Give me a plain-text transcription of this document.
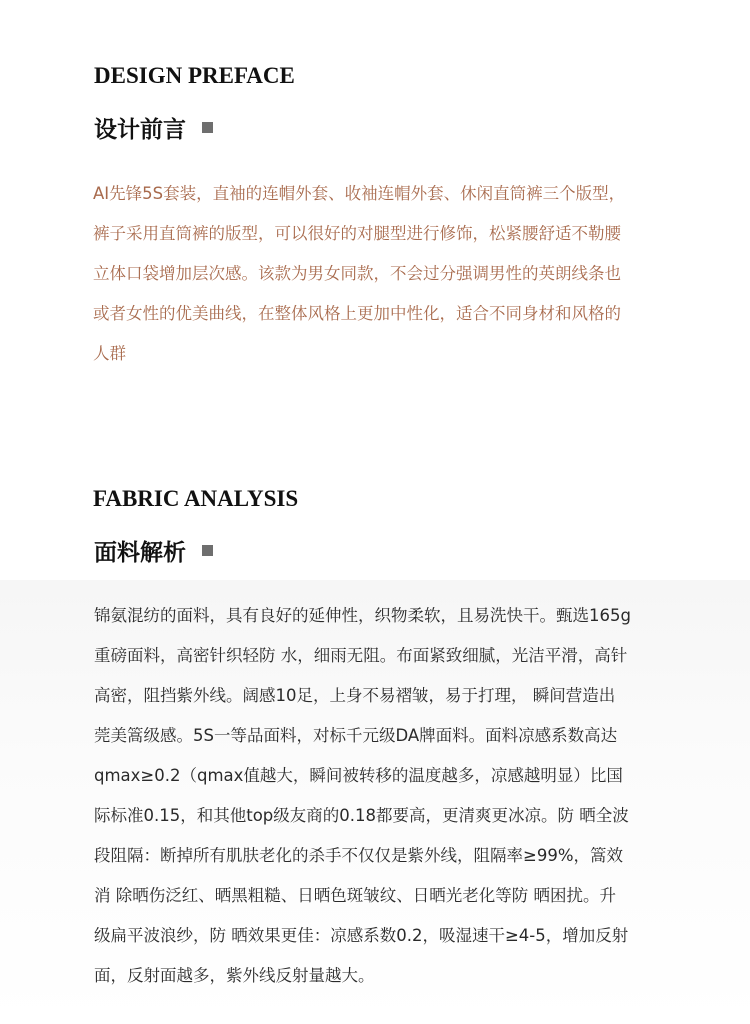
DESIGN PREFACE
设计前言
AI先锋5S套装，直袖的连帽外套、收袖连帽外套、休闲直筒裤三个版型，
裤子采用直筒裤的版型，可以很好的对腿型进行修饰，松紧腰舒适不勒腰
立体口袋增加层次感。该款为男女同款，不会过分强调男性的英朗线条也
或者女性的优美曲线，在整体风格上更加中性化，适合不同身材和风格的
人群
FABRIC ANALYSIS
面料解析
锦氨混纺的面料，具有良好的延伸性，织物柔软，且易洗快干。甄选165g
重磅面料，高密针织轻防 水，细雨无阻。布面紧致细腻，光洁平滑，高针
高密，阻挡紫外线。阔感10足，上身不易褶皱，易于打理， 瞬间营造出
莞美篙级感。5S一等品面料，对标千元级DA牌面料。面料凉感系数高达
qmax≥0.2（qmax值越大，瞬间被转移的温度越多，凉感越明显）比国
际标准0.15，和其他top级友商的0.18都要高，更清爽更冰凉。防 晒全波
段阻隔：断掉所有肌肤老化的杀手不仅仅是紫外线，阻隔率≥99%，篙效
消 除晒伤泛红、晒黑粗糙、日晒色斑皱纹、日晒光老化等防 晒困扰。升
级扁平波浪纱，防 晒效果更佳：凉感系数0.2，吸湿速干≥4-5，增加反射
面，反射面越多，紫外线反射量越大。
